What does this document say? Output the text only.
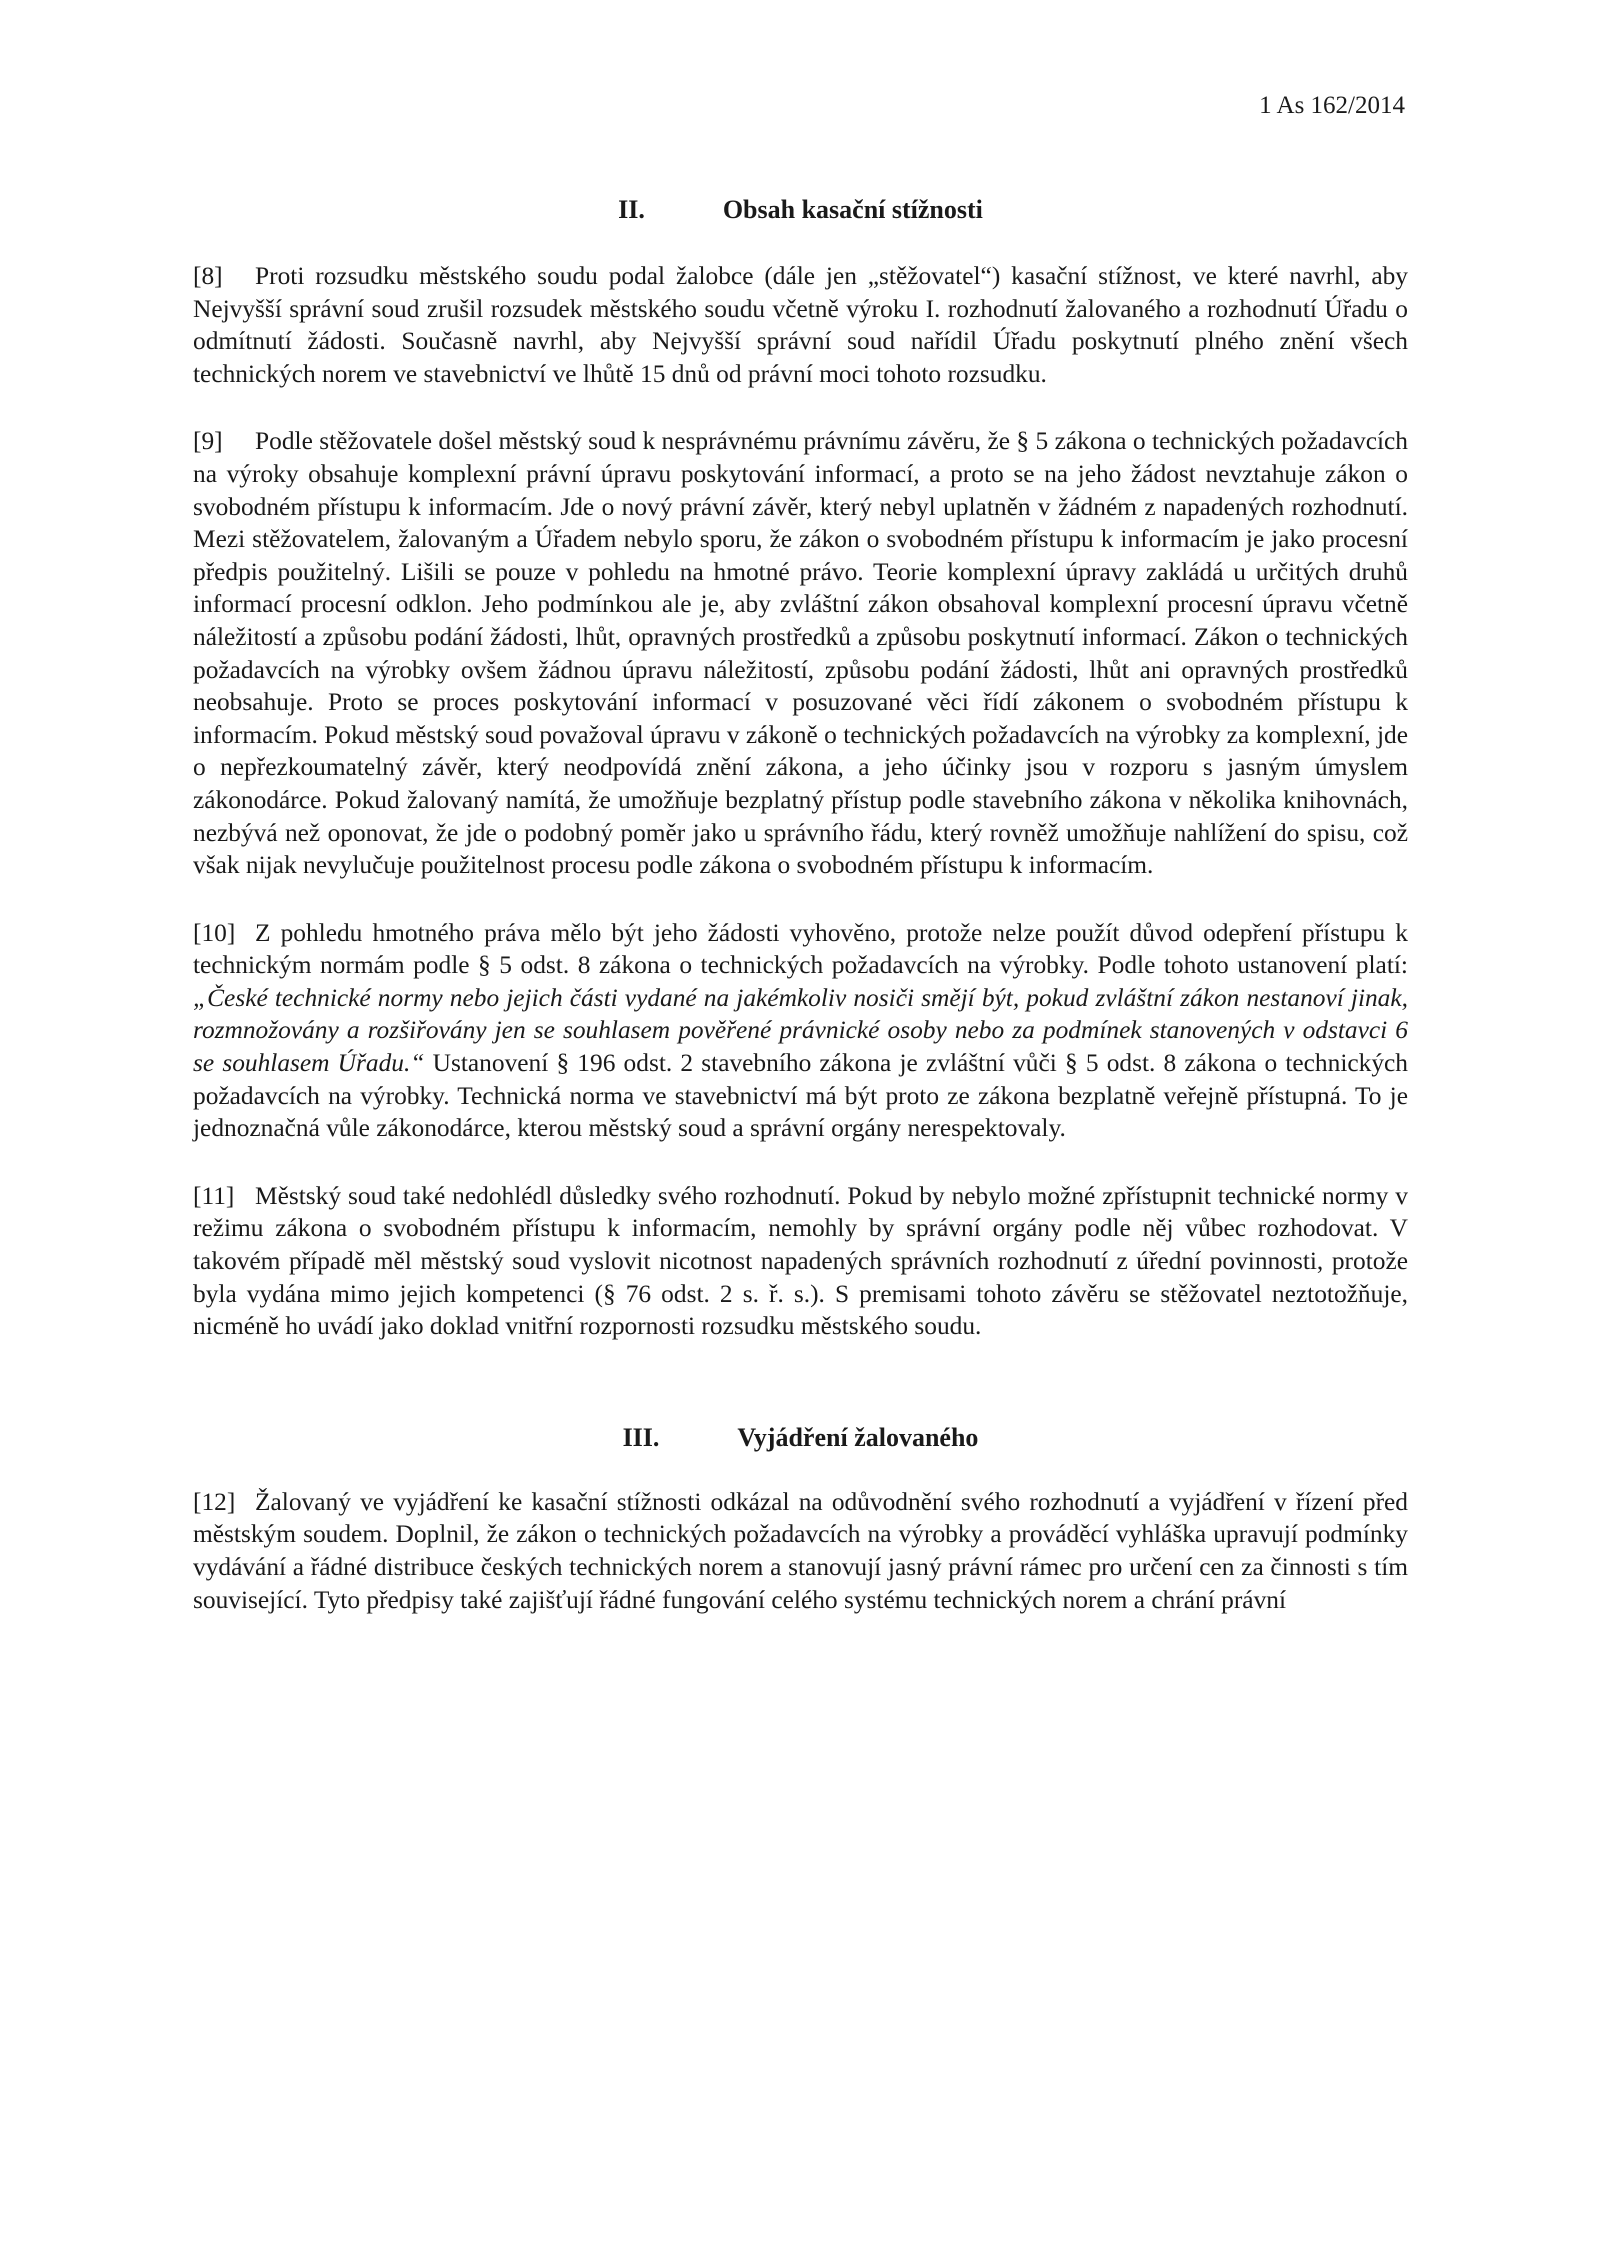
1 As 162/2014
II.	Obsah kasační stížnosti

[8] Proti rozsudku městského soudu podal žalobce (dále jen „stěžovatel“) kasační stížnost, ve které navrhl, aby Nejvyšší správní soud zrušil rozsudek městského soudu včetně výroku I. rozhodnutí žalovaného a rozhodnutí Úřadu o odmítnutí žádosti. Současně navrhl, aby Nejvyšší správní soud nařídil Úřadu poskytnutí plného znění všech technických norem ve stavebnictví ve lhůtě 15 dnů od právní moci tohoto rozsudku.

[9] Podle stěžovatele došel městský soud k nesprávnému právnímu závěru, že § 5 zákona o technických požadavcích na výroky obsahuje komplexní právní úpravu poskytování informací, a proto se na jeho žádost nevztahuje zákon o svobodném přístupu k informacím. Jde o nový právní závěr, který nebyl uplatněn v žádném z napadených rozhodnutí. Mezi stěžovatelem, žalovaným a Úřadem nebylo sporu, že zákon o svobodném přístupu k informacím je jako procesní předpis použitelný. Lišili se pouze v pohledu na hmotné právo. Teorie komplexní úpravy zakládá u určitých druhů informací procesní odklon. Jeho podmínkou ale je, aby zvláštní zákon obsahoval komplexní procesní úpravu včetně náležitostí a způsobu podání žádosti, lhůt, opravných prostředků a způsobu poskytnutí informací. Zákon o technických požadavcích na výrobky ovšem žádnou úpravu náležitostí, způsobu podání žádosti, lhůt ani opravných prostředků neobsahuje. Proto se proces poskytování informací v posuzované věci řídí zákonem o svobodném přístupu k informacím. Pokud městský soud považoval úpravu v zákoně o technických požadavcích na výrobky za komplexní, jde o nepřezkoumatelný závěr, který neodpovídá znění zákona, a jeho účinky jsou v rozporu s jasným úmyslem zákonodárce. Pokud žalovaný namítá, že umožňuje bezplatný přístup podle stavebního zákona v několika knihovnách, nezbývá než oponovat, že jde o podobný poměr jako u správního řádu, který rovněž umožňuje nahlížení do spisu, což však nijak nevylučuje použitelnost procesu podle zákona o svobodném přístupu k informacím.

[10] Z pohledu hmotného práva mělo být jeho žádosti vyhověno, protože nelze použít důvod odepření přístupu k technickým normám podle § 5 odst. 8 zákona o technických požadavcích na výrobky. Podle tohoto ustanovení platí: „České technické normy nebo jejich části vydané na jakémkoliv nosiči smějí být, pokud zvláštní zákon nestanoví jinak, rozmnožovány a rozšiřovány jen se souhlasem pověřené právnické osoby nebo za podmínek stanovených v odstavci 6 se souhlasem Úřadu.“ Ustanovení § 196 odst. 2 stavebního zákona je zvláštní vůči § 5 odst. 8 zákona o technických požadavcích na výrobky. Technická norma ve stavebnictví má být proto ze zákona bezplatně veřejně přístupná. To je jednoznačná vůle zákonodárce, kterou městský soud a správní orgány nerespektovaly.

[11] Městský soud také nedohlédl důsledky svého rozhodnutí. Pokud by nebylo možné zpřístupnit technické normy v režimu zákona o svobodném přístupu k informacím, nemohly by správní orgány podle něj vůbec rozhodovat. V takovém případě měl městský soud vyslovit nicotnost napadených správních rozhodnutí z úřední povinnosti, protože byla vydána mimo jejich kompetenci (§ 76 odst. 2 s. ř. s.). S premisami tohoto závěru se stěžovatel neztotožňuje, nicméně ho uvádí jako doklad vnitřní rozpornosti rozsudku městského soudu.

III.	Vyjádření žalovaného

[12] Žalovaný ve vyjádření ke kasační stížnosti odkázal na odůvodnění svého rozhodnutí a vyjádření v řízení před městským soudem. Doplnil, že zákon o technických požadavcích na výrobky a prováděcí vyhláška upravují podmínky vydávání a řádné distribuce českých technických norem a stanovují jasný právní rámec pro určení cen za činnosti s tím související. Tyto předpisy také zajišťují řádné fungování celého systému technických norem a chrání právní
